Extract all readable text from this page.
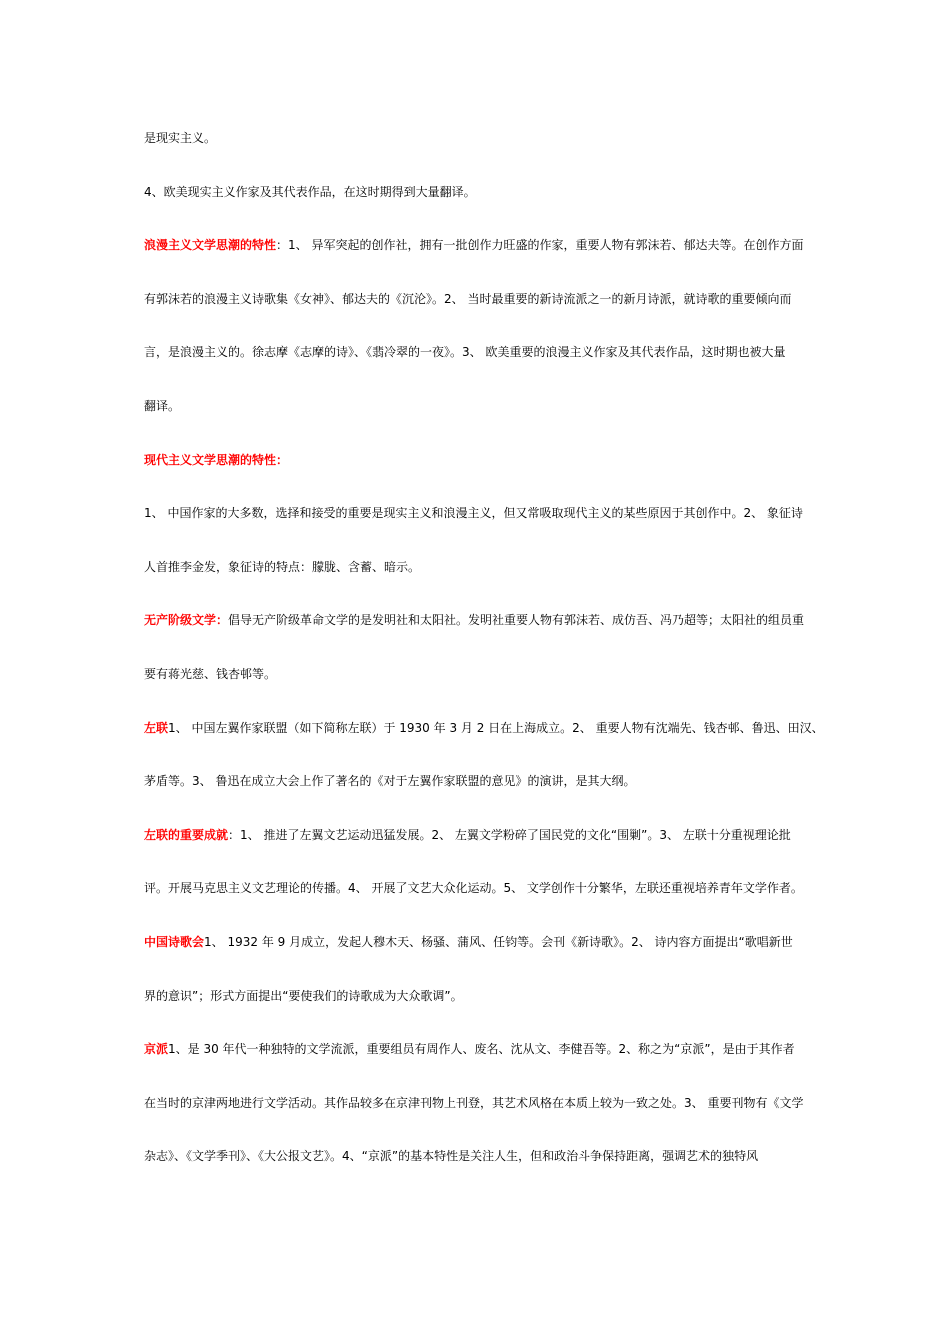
是现实主义。
4、欧美现实主义作家及其代表作品，在这时期得到大量翻译。
浪漫主义文学思潮的特性：1、 异军突起的创作社，拥有一批创作力旺盛的作家，重要人物有郭沫若、郁达夫等。在创作方面
有郭沫若的浪漫主义诗歌集《女神》、郁达夫的《沉沦》。2、 当时最重要的新诗流派之一的新月诗派，就诗歌的重要倾向而
言，是浪漫主义的。徐志摩《志摩的诗》、《翡冷翠的一夜》。3、 欧美重要的浪漫主义作家及其代表作品，这时期也被大量
翻译。
现代主义文学思潮的特性：
1、 中国作家的大多数，选择和接受的重要是现实主义和浪漫主义，但又常吸取现代主义的某些原因于其创作中。2、 象征诗
人首推李金发，象征诗的特点：朦胧、含蓄、暗示。
无产阶级文学：倡导无产阶级革命文学的是发明社和太阳社。发明社重要人物有郭沫若、成仿吾、冯乃超等；太阳社的组员重
要有蒋光慈、钱杏邨等。
左联1、 中国左翼作家联盟（如下简称左联）于 1930 年 3 月 2 日在上海成立。2、 重要人物有沈端先、钱杏邨、鲁迅、田汉、
茅盾等。3、 鲁迅在成立大会上作了著名的《对于左翼作家联盟的意见》的演讲，是其大纲。
左联的重要成就：1、 推进了左翼文艺运动迅猛发展。2、 左翼文学粉碎了国民党的文化“围剿”。3、 左联十分重视理论批
评。开展马克思主义文艺理论的传播。4、 开展了文艺大众化运动。5、 文学创作十分繁华，左联还重视培养青年文学作者。
中国诗歌会1、 1932 年 9 月成立，发起人穆木天、杨骚、蒲风、任钧等。会刊《新诗歌》。2、 诗内容方面提出“歌唱新世
界的意识”；形式方面提出“要使我们的诗歌成为大众歌调”。
京派1、是 30 年代一种独特的文学流派，重要组员有周作人、废名、沈从文、李健吾等。2、称之为“京派”，是由于其作者
在当时的京津两地进行文学活动。其作品较多在京津刊物上刊登，其艺术风格在本质上较为一致之处。3、 重要刊物有《文学
杂志》、《文学季刊》、《大公报文艺》。4、“京派”的基本特性是关注人生，但和政治斗争保持距离，强调艺术的独特风
